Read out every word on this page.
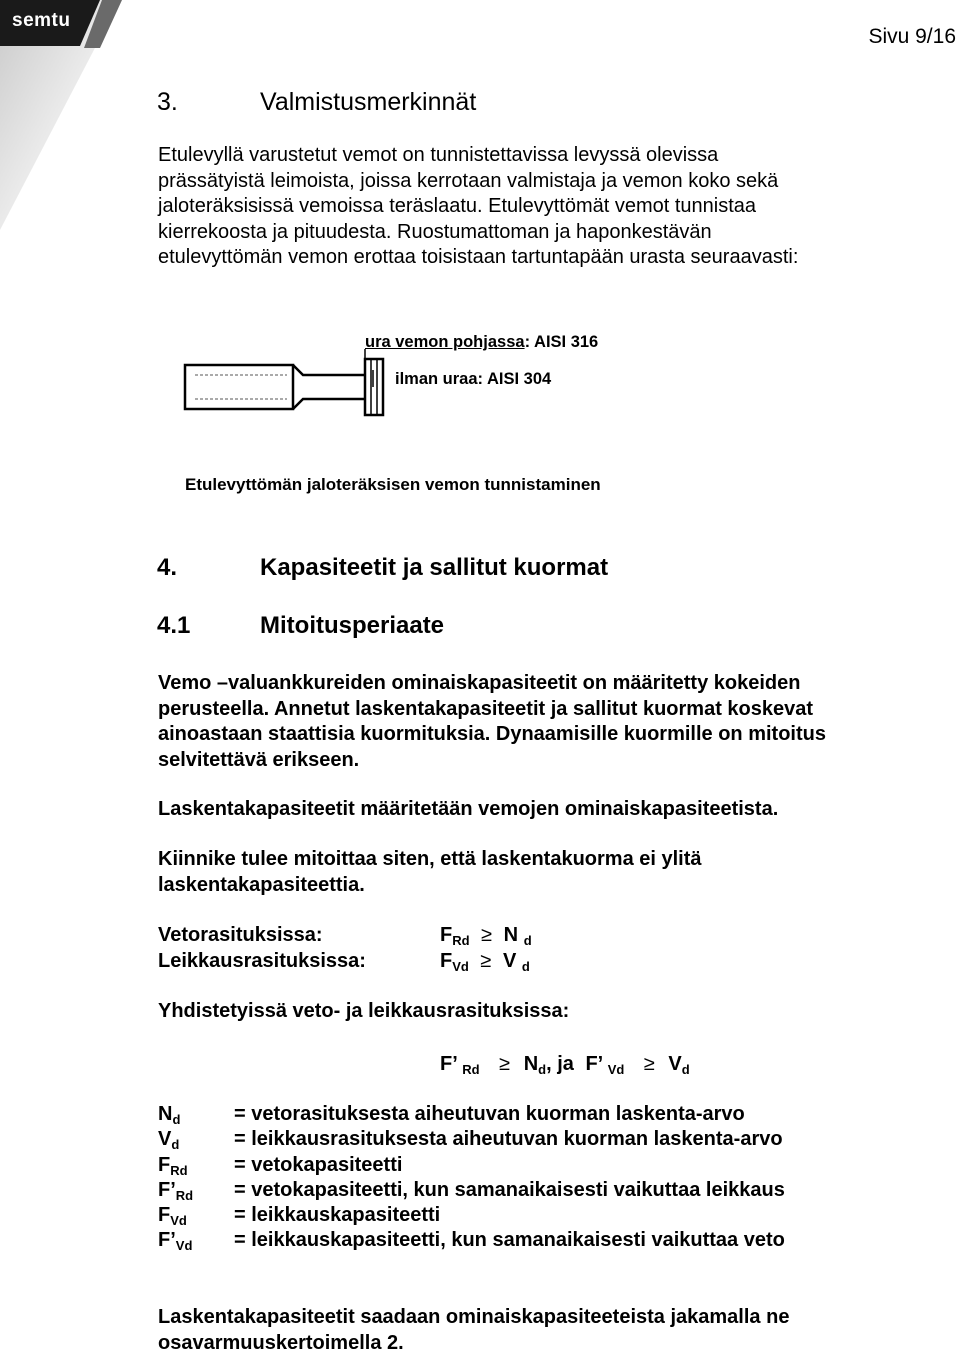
semtu
Sivu 9/16
3.	Valmistusmerkinnät
Etulevyllä varustetut vemot on tunnistettavissa levyssä olevissa
prässätyistä leimoista, joissa kerrotaan valmistaja ja vemon koko sekä
jaloteräksisissä vemoissa teräslaatu. Etulevyttömät vemot tunnistaa
kierrekoosta ja pituudesta. Ruostumattoman ja haponkestävän
etulevyttömän vemon erottaa toisistaan tartuntapään urasta seuraavasti:
ura vemon pohjassa: AISI 316
ilman uraa: AISI 304
Etulevyttömän jaloteräksisen vemon tunnistaminen
4.	Kapasiteetit ja sallitut kuormat
4.1	Mitoitusperiaate
Vemo –valuankkureiden ominaiskapasiteetit on määritetty kokeiden
perusteella. Annetut laskentakapasiteetit ja sallitut kuormat koskevat
ainoastaan staattisia kuormituksia. Dynaamisille kuormille on mitoitus
selvitettävä erikseen.
Laskentakapasiteetit määritetään vemojen ominaiskapasiteetista.
Kiinnike tulee mitoittaa siten, että laskentakuorma ei ylitä
laskentakapasiteettia.
Vetorasituksissa:	$F_{Rd} \ge N$ $_d$
Leikkausrasituksissa:	$F_{Vd} \ge V$ $_d$
Yhdistetyissä veto- ja leikkausrasituksissa:
F’ $_{Rd} \ge N_d$, ja F’ $_{Vd} \ge V_d$
$N_d$	= vetorasituksesta aiheutuvan kuorman laskenta-arvo
$V_d$	= leikkausrasituksesta aiheutuvan kuorman laskenta-arvo
$F_{Rd}$ = vetokapasiteetti
$F’_{Rd}$ = vetokapasiteetti, kun samanaikaisesti vaikuttaa leikkaus
$F_{Vd}$ = leikkauskapasiteetti
$F’_{Vd}$ = leikkauskapasiteetti, kun samanaikaisesti vaikuttaa veto
Laskentakapasiteetit saadaan ominaiskapasiteeteista jakamalla ne
osavarmuuskertoimella 2.
